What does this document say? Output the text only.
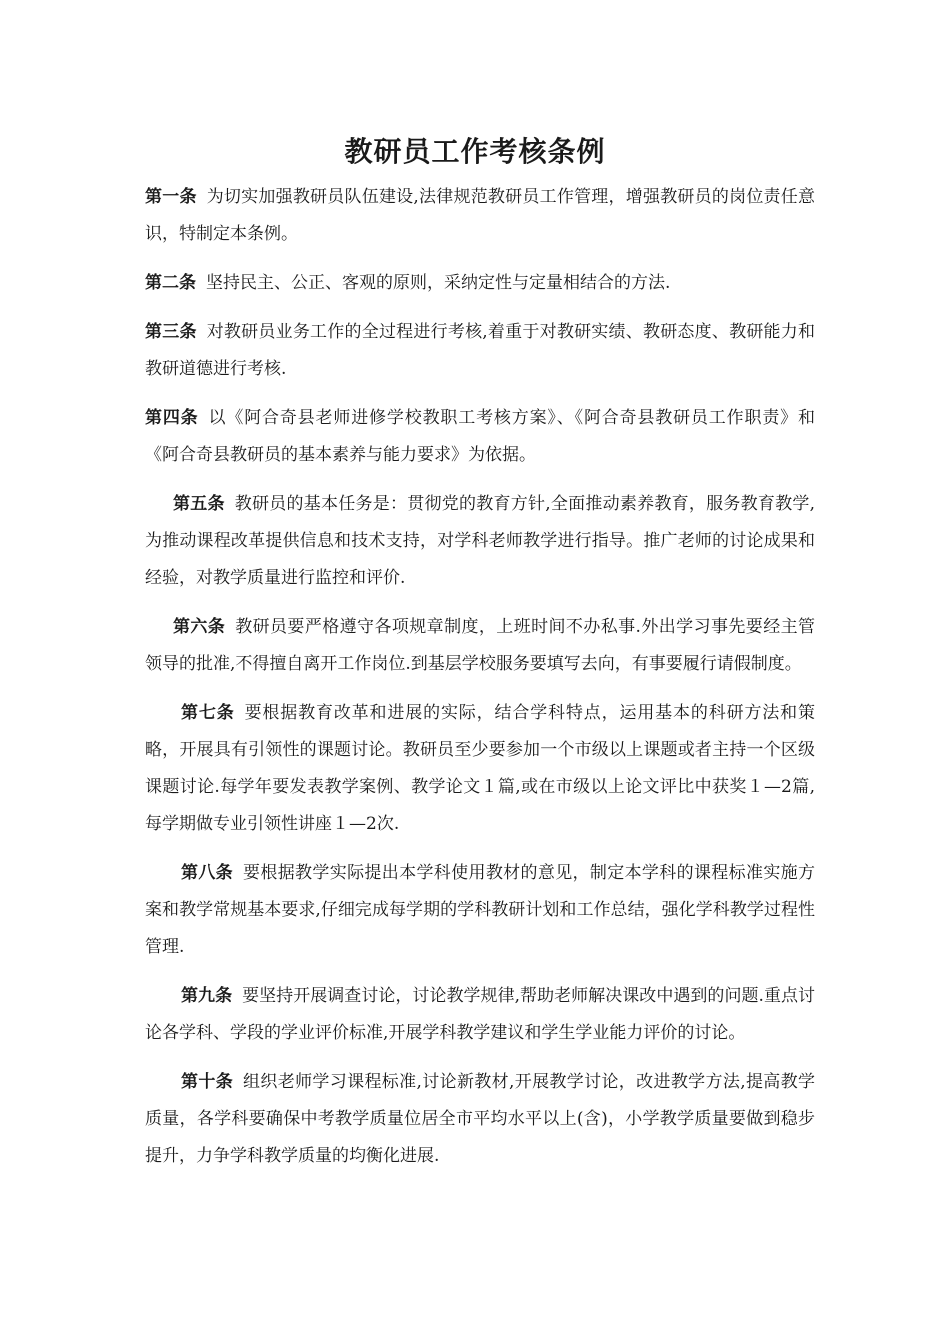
教研员工作考核条例

第一条 为切实加强教研员队伍建设,法律规范教研员工作管理，增强教研员的岗位责任意识，特制定本条例。

第二条 坚持民主、公正、客观的原则，采纳定性与定量相结合的方法.

第三条 对教研员业务工作的全过程进行考核,着重于对教研实绩、教研态度、教研能力和教研道德进行考核.

第四条 以《阿合奇县老师进修学校教职工考核方案》、《阿合奇县教研员工作职责》和《阿合奇县教研员的基本素养与能力要求》为依据。

第五条 教研员的基本任务是：贯彻党的教育方针,全面推动素养教育，服务教育教学,为推动课程改革提供信息和技术支持，对学科老师教学进行指导。推广老师的讨论成果和经验，对教学质量进行监控和评价.

第六条 教研员要严格遵守各项规章制度，上班时间不办私事.外出学习事先要经主管领导的批准,不得擅自离开工作岗位.到基层学校服务要填写去向，有事要履行请假制度。

第七条 要根据教育改革和进展的实际，结合学科特点，运用基本的科研方法和策略，开展具有引领性的课题讨论。教研员至少要参加一个市级以上课题或者主持一个区级课题讨论.每学年要发表教学案例、教学论文１篇,或在市级以上论文评比中获奖１—2篇,每学期做专业引领性讲座１—2次.

第八条 要根据教学实际提出本学科使用教材的意见，制定本学科的课程标准实施方案和教学常规基本要求,仔细完成每学期的学科教研计划和工作总结，强化学科教学过程性管理.

第九条 要坚持开展调查讨论，讨论教学规律,帮助老师解决课改中遇到的问题.重点讨论各学科、学段的学业评价标准,开展学科教学建议和学生学业能力评价的讨论。

第十条 组织老师学习课程标准,讨论新教材,开展教学讨论，改进教学方法,提高教学质量，各学科要确保中考教学质量位居全市平均水平以上(含)，小学教学质量要做到稳步提升，力争学科教学质量的均衡化进展.
